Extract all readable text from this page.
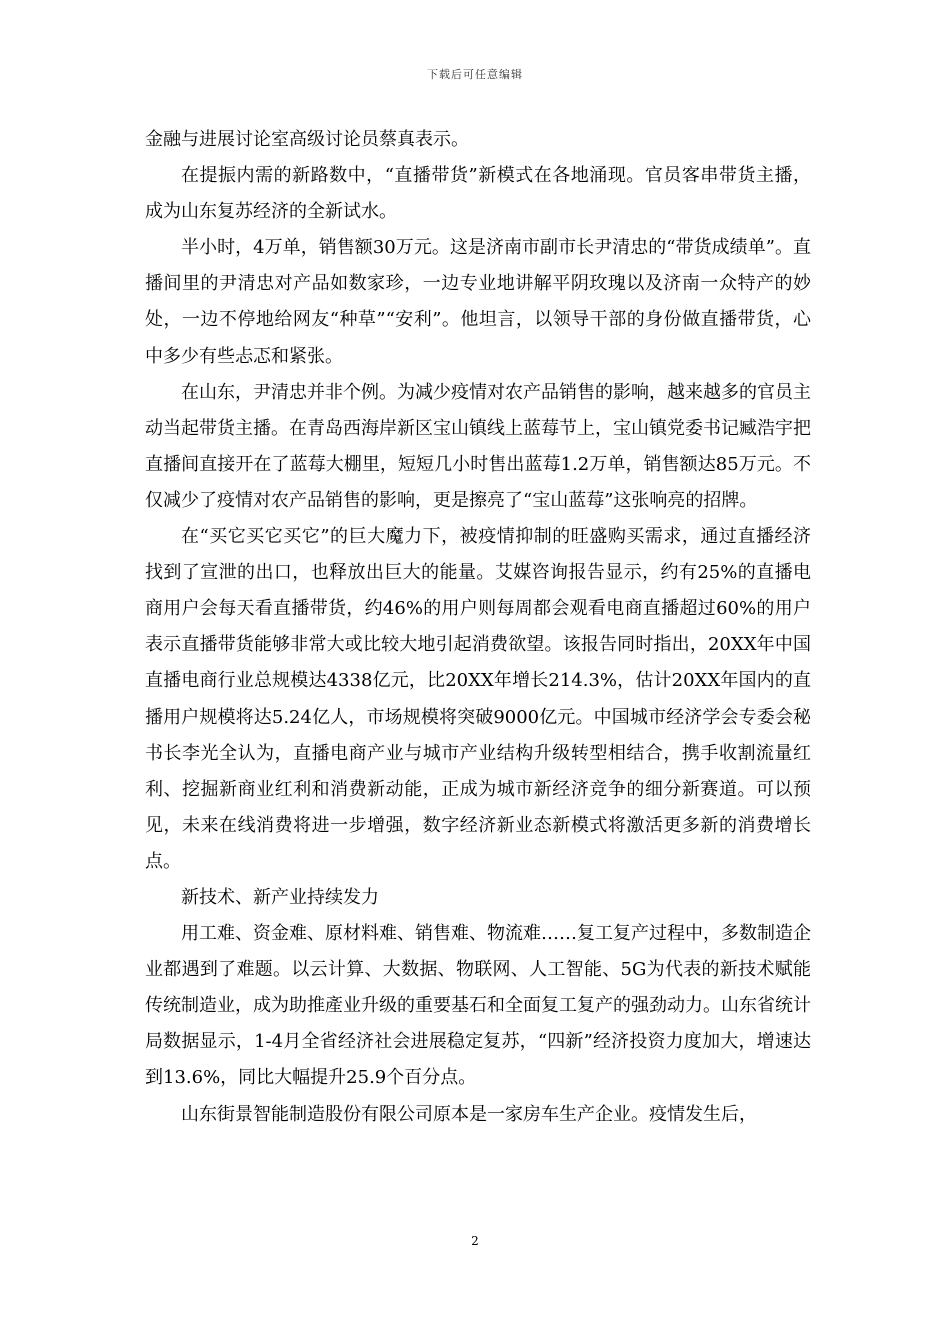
下载后可任意编辑

金融与进展讨论室高级讨论员蔡真表示。

在提振内需的新路数中，“直播带货”新模式在各地涌现。官员客串带货主播，成为山东复苏经济的全新试水。

半小时，4万单，销售额30万元。这是济南市副市长尹清忠的“带货成绩单”。直播间里的尹清忠对产品如数家珍，一边专业地讲解平阴玫瑰以及济南一众特产的妙处，一边不停地给网友“种草”“安利”。他坦言，以领导干部的身份做直播带货，心中多少有些忐忑和紧张。

在山东，尹清忠并非个例。为减少疫情对农产品销售的影响，越来越多的官员主动当起带货主播。在青岛西海岸新区宝山镇线上蓝莓节上，宝山镇党委书记臧浩宇把直播间直接开在了蓝莓大棚里，短短几小时售出蓝莓1.2万单，销售额达85万元。不仅减少了疫情对农产品销售的影响，更是擦亮了“宝山蓝莓”这张响亮的招牌。

在“买它买它买它”的巨大魔力下，被疫情抑制的旺盛购买需求，通过直播经济找到了宣泄的出口，也释放出巨大的能量。艾媒咨询报告显示，约有25%的直播电商用户会每天看直播带货，约46%的用户则每周都会观看电商直播超过60%的用户表示直播带货能够非常大或比较大地引起消费欲望。该报告同时指出，20XX年中国直播电商行业总规模达4338亿元，比20XX年增长214.3%，估计20XX年国内的直播用户规模将达5.24亿人，市场规模将突破9000亿元。中国城市经济学会专委会秘书长李光全认为，直播电商产业与城市产业结构升级转型相结合，携手收割流量红利、挖掘新商业红利和消费新动能，正成为城市新经济竞争的细分新赛道。可以预见，未来在线消费将进一步增强，数字经济新业态新模式将激活更多新的消费增长点。

新技术、新产业持续发力

用工难、资金难、原材料难、销售难、物流难……复工复产过程中，多数制造企业都遇到了难题。以云计算、大数据、物联网、人工智能、5G为代表的新技术赋能传统制造业，成为助推產业升级的重要基石和全面复工复产的强劲动力。山东省统计局数据显示，1-4月全省经济社会进展稳定复苏，“四新”经济投资力度加大，增速达到13.6%，同比大幅提升25.9个百分点。

山东街景智能制造股份有限公司原本是一家房车生产企业。疫情发生后，

2
